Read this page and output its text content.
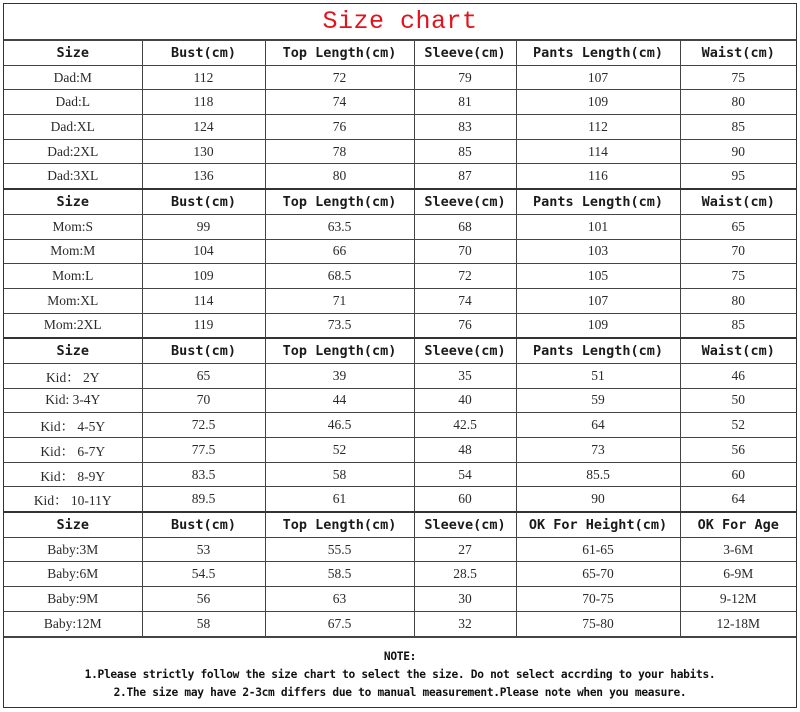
Size chart
Size	Bust(cm)	Top Length(cm)	Sleeve(cm)	Pants Length(cm)	Waist(cm)
Dad:M	112	72	79	107	75
Dad:L	118	74	81	109	80
Dad:XL	124	76	83	112	85
Dad:2XL	130	78	85	114	90
Dad:3XL	136	80	87	116	95
Size	Bust(cm)	Top Length(cm)	Sleeve(cm)	Pants Length(cm)	Waist(cm)
Mom:S	99	63.5	68	101	65
Mom:M	104	66	70	103	70
Mom:L	109	68.5	72	105	75
Mom:XL	114	71	74	107	80
Mom:2XL	119	73.5	76	109	85
Size	Bust(cm)	Top Length(cm)	Sleeve(cm)	Pants Length(cm)	Waist(cm)
Kid： 2Y	65	39	35	51	46
Kid: 3-4Y	70	44	40	59	50
Kid： 4-5Y	72.5	46.5	42.5	64	52
Kid： 6-7Y	77.5	52	48	73	56
Kid： 8-9Y	83.5	58	54	85.5	60
Kid： 10-11Y	89.5	61	60	90	64
Size	Bust(cm)	Top Length(cm)	Sleeve(cm)	OK For Height(cm)	OK For Age
Baby:3M	53	55.5	27	61-65	3-6M
Baby:6M	54.5	58.5	28.5	65-70	6-9M
Baby:9M	56	63	30	70-75	9-12M
Baby:12M	58	67.5	32	75-80	12-18M
NOTE:
1.Please strictly follow the size chart to select the size. Do not select accrding to your habits.
2.The size may have 2-3cm differs due to manual measurement.Please note when you measure.
